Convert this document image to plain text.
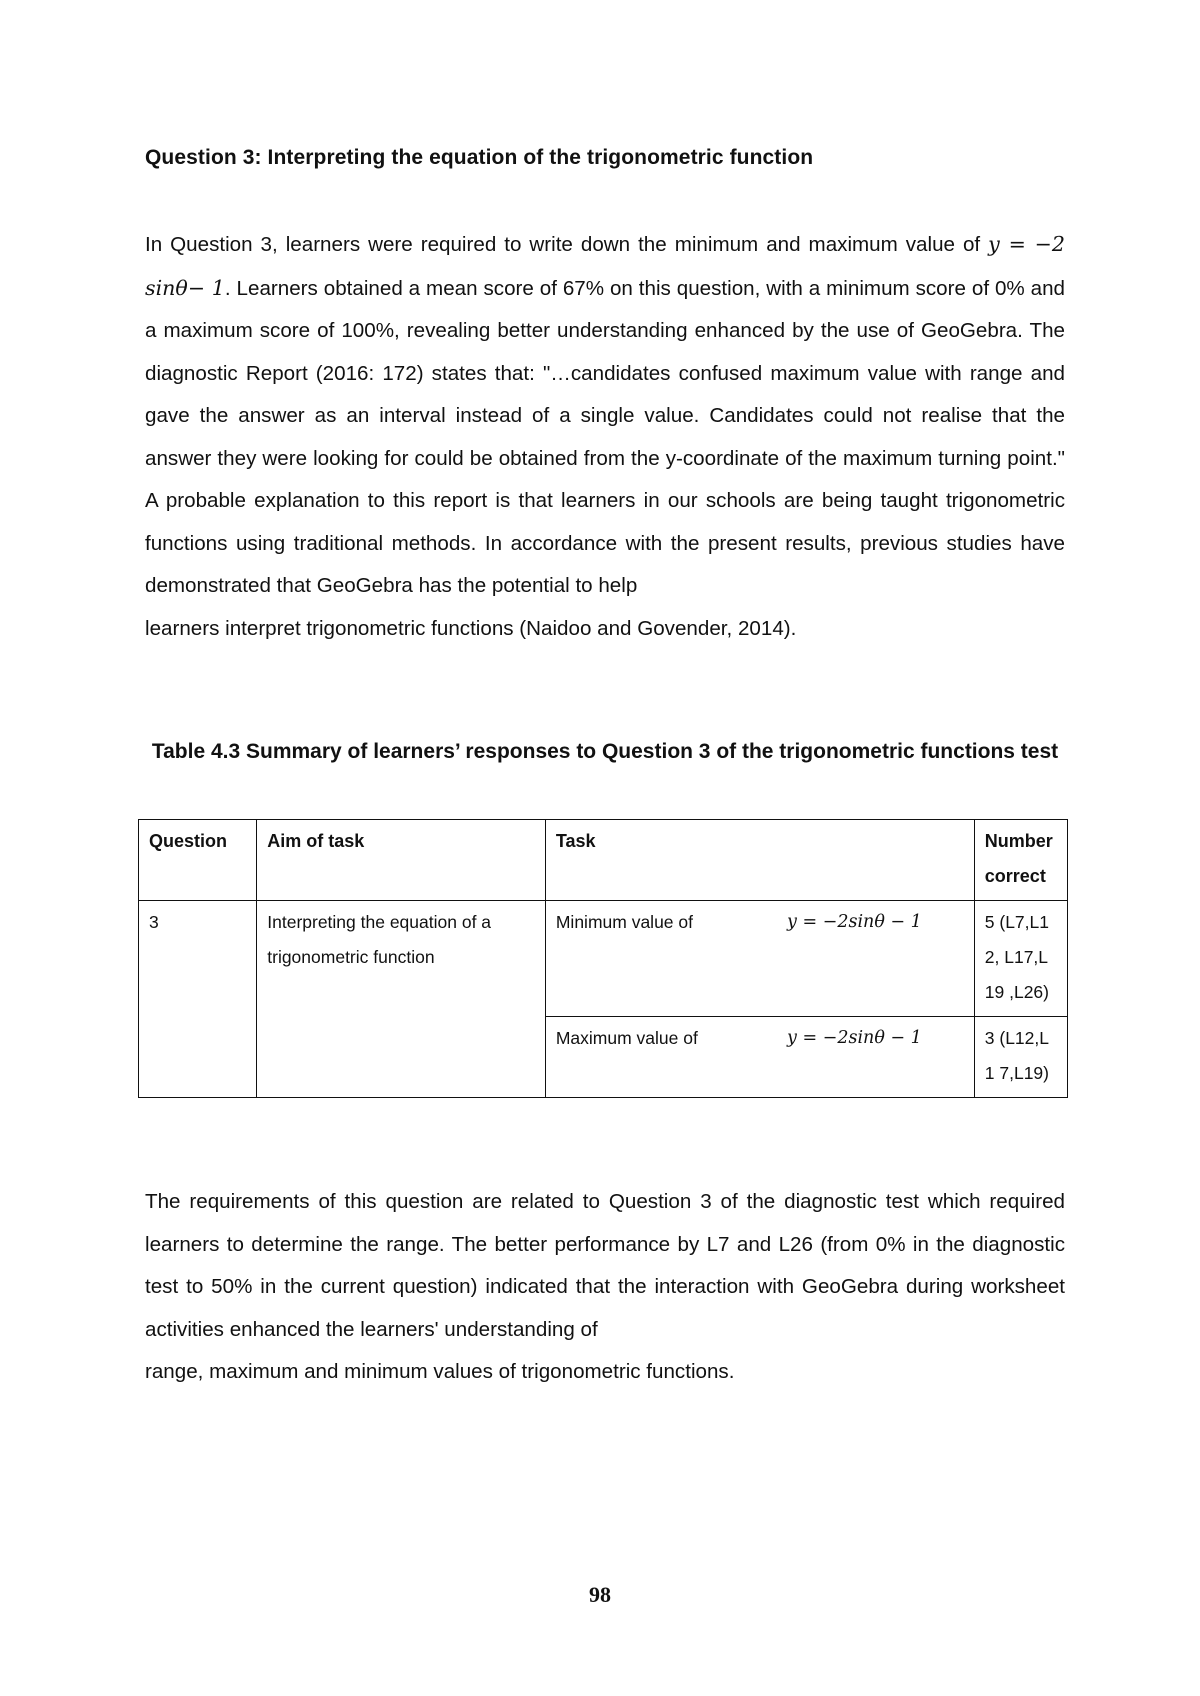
Question 3: Interpreting the equation of the trigonometric function
In Question 3, learners were required to write down the minimum and maximum value of y = −2 sinθ− 1. Learners obtained a mean score of 67% on this question, with a minimum score of 0% and a maximum score of 100%, revealing better understanding enhanced by the use of GeoGebra. The diagnostic Report (2016: 172) states that: "…candidates confused maximum value with range and gave the answer as an interval instead of a single value. Candidates could not realise that the answer they were looking for could be obtained from the y-coordinate of the maximum turning point." A probable explanation to this report is that learners in our schools are being taught trigonometric functions using traditional methods. In accordance with the present results, previous studies have demonstrated that GeoGebra has the potential to help
learners interpret trigonometric functions (Naidoo and Govender, 2014).
Table 4.3 Summary of learners’ responses to Question 3 of the trigonometric functions test
Question	Aim of task	Task	Number correct
3	Interpreting the equation of a trigonometric function	Minimum value of y = −2sinθ − 1	5 (L7,L12, L17,L19 ,L26)

		Maximum value of y = −2sinθ − 1	3 (L12,L1 7,L19)
The requirements of this question are related to Question 3 of the diagnostic test which required learners to determine the range. The better performance by L7 and L26 (from 0% in the diagnostic test to 50% in the current question) indicated that the interaction with GeoGebra during worksheet activities enhanced the learners' understanding of
range, maximum and minimum values of trigonometric functions.
98
